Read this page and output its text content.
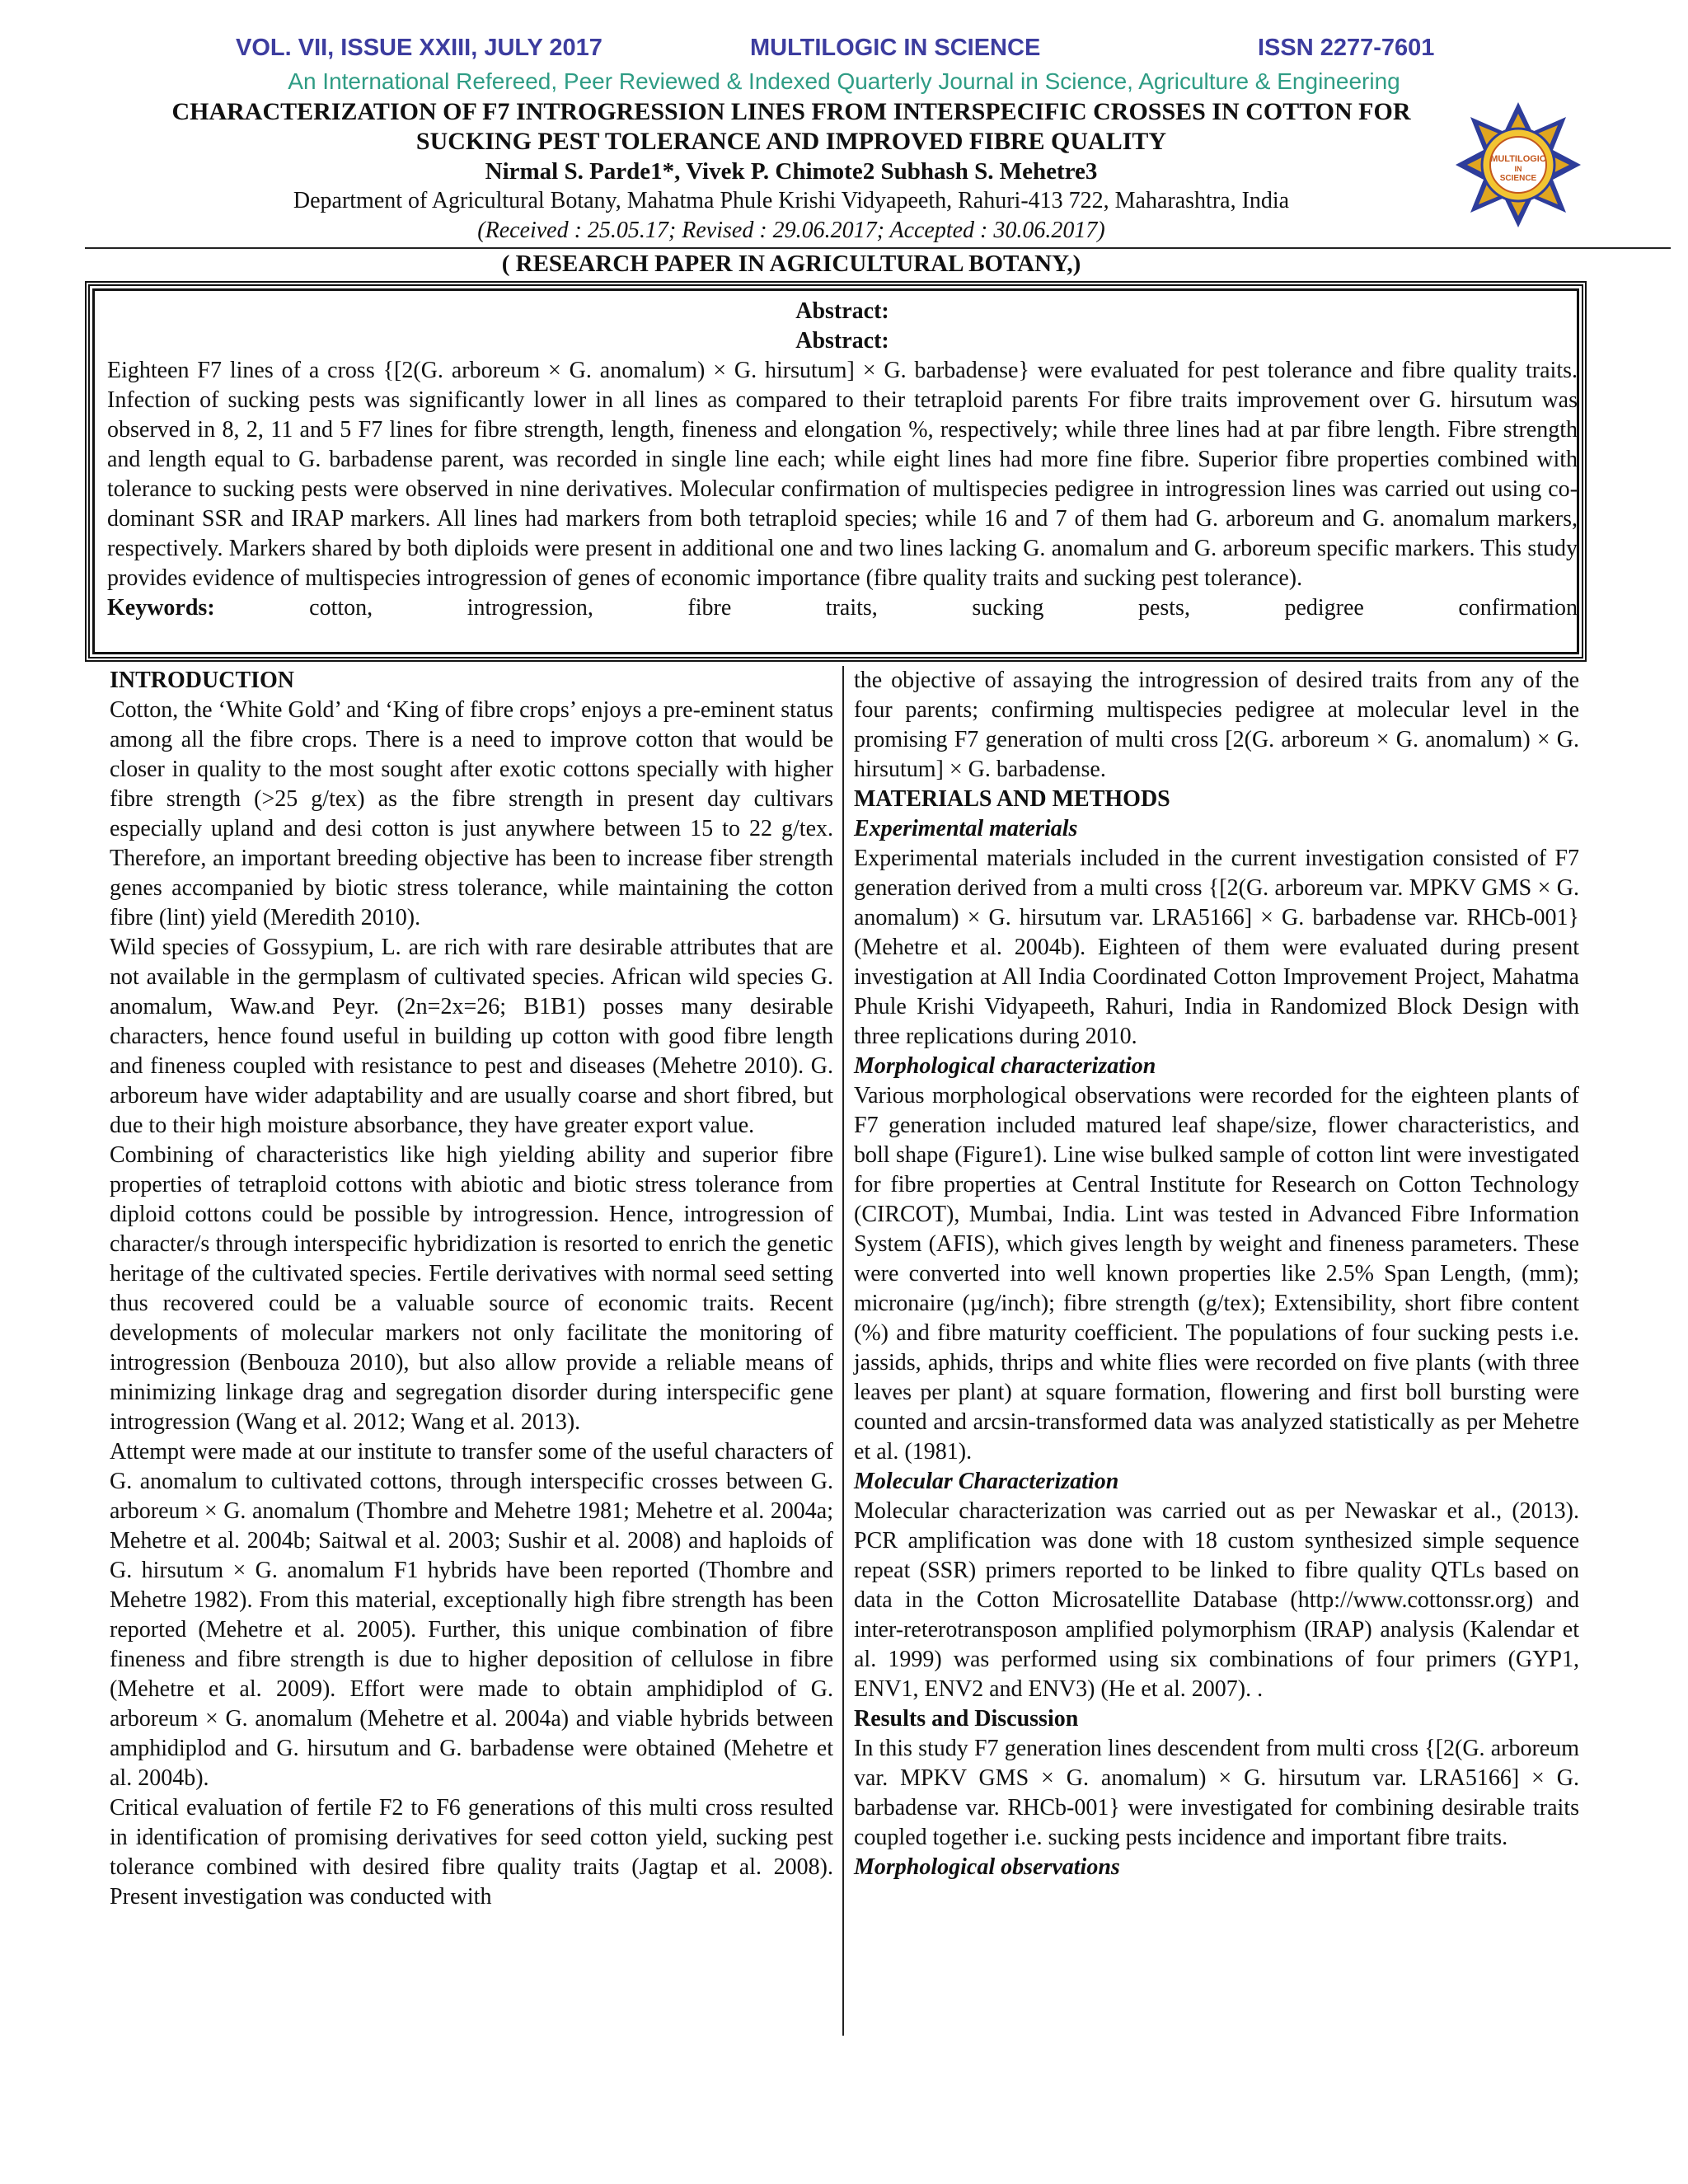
VOL. VII, ISSUE XXIII, JULY 2017	MULTILOGIC IN SCIENCE	ISSN 2277-7601
An International Refereed, Peer Reviewed & Indexed Quarterly Journal in Science, Agriculture & Engineering
CHARACTERIZATION OF F7 INTROGRESSION LINES FROM INTERSPECIFIC CROSSES IN COTTON FOR
SUCKING PEST TOLERANCE AND IMPROVED FIBRE QUALITY
Nirmal S. Parde1*, Vivek P. Chimote2 Subhash S. Mehetre3
Department of Agricultural Botany, Mahatma Phule Krishi Vidyapeeth, Rahuri-413 722, Maharashtra, India
(Received : 25.05.17; Revised : 29.06.2017; Accepted : 30.06.2017)
MULTILOGIC
IN
SCIENCE
( RESEARCH PAPER IN AGRICULTURAL BOTANY,)
Abstract:
Abstract:

Eighteen F7 lines of a cross {[2(G. arboreum × G. anomalum) × G. hirsutum] × G. barbadense} were evaluated for pest tolerance and fibre quality traits. Infection of sucking pests was significantly lower in all lines as compared to their tetraploid parents For fibre traits improvement over G. hirsutum was observed in 8, 2, 11 and 5 F7 lines for fibre strength, length, fineness and elongation %, respectively; while three lines had at par fibre length. Fibre strength and length equal to G. barbadense parent, was recorded in single line each; while eight lines had more fine fibre. Superior fibre properties combined with tolerance to sucking pests were observed in nine derivatives. Molecular confirmation of multispecies pedigree in introgression lines was carried out using co-dominant SSR and IRAP markers. All lines had markers from both tetraploid species; while 16 and 7 of them had G. arboreum and G. anomalum markers, respectively. Markers shared by both diploids were present in additional one and two lines lacking G. anomalum and G. arboreum specific markers. This study provides evidence of multispecies introgression of genes of economic importance (fibre quality traits and sucking pest tolerance).

Keywords:	cotton,	introgression,	fibre	traits,	sucking	pests,	pedigree	confirmation
INTRODUCTION

Cotton, the ‘White Gold’ and ‘King of fibre crops’ enjoys a pre-eminent status among all the fibre crops. There is a need to improve cotton that would be closer in quality to the most sought after exotic cottons specially with higher fibre strength (>25 g/tex) as the fibre strength in present day cultivars especially upland and desi cotton is just anywhere between 15 to 22 g/tex. Therefore, an important breeding objective has been to increase fiber strength genes accompanied by biotic stress tolerance, while maintaining the cotton fibre (lint) yield (Meredith 2010).

Wild species of Gossypium, L. are rich with rare desirable attributes that are not available in the germplasm of cultivated species. African wild species G. anomalum, Waw.and Peyr. (2n=2x=26; B1B1) posses many desirable characters, hence found useful in building up cotton with good fibre length and fineness coupled with resistance to pest and diseases (Mehetre 2010). G. arboreum have wider adaptability and are usually coarse and short fibred, but due to their high moisture absorbance, they have greater export value.

Combining of characteristics like high yielding ability and superior fibre properties of tetraploid cottons with abiotic and biotic stress tolerance from diploid cottons could be possible by introgression. Hence, introgression of character/s through interspecific hybridization is resorted to enrich the genetic heritage of the cultivated species. Fertile derivatives with normal seed setting thus recovered could be a valuable source of economic traits. Recent developments of molecular markers not only facilitate the monitoring of introgression (Benbouza 2010), but also allow provide a reliable means of minimizing linkage drag and segregation disorder during interspecific gene introgression (Wang et al. 2012; Wang et al. 2013).

Attempt were made at our institute to transfer some of the useful characters of G. anomalum to cultivated cottons, through interspecific crosses between G. arboreum × G. anomalum (Thombre and Mehetre 1981; Mehetre et al. 2004a; Mehetre et al. 2004b; Saitwal et al. 2003; Sushir et al. 2008) and haploids of G. hirsutum × G. anomalum F1 hybrids have been reported (Thombre and Mehetre 1982). From this material, exceptionally high fibre strength has been reported (Mehetre et al. 2005). Further, this unique combination of fibre fineness and fibre strength is due to higher deposition of cellulose in fibre (Mehetre et al. 2009). Effort were made to obtain amphidiplod of G. arboreum × G. anomalum (Mehetre et al. 2004a) and viable hybrids between amphidiplod and G. hirsutum and G. barbadense were obtained (Mehetre et al. 2004b).

Critical evaluation of fertile F2 to F6 generations of this multi cross resulted in identification of promising derivatives for seed cotton yield, sucking pest tolerance combined with desired fibre quality traits (Jagtap et al. 2008). Present investigation was conducted with

the objective of assaying the introgression of desired traits from any of the four parents; confirming multispecies pedigree at molecular level in the promising F7 generation of multi cross [2(G. arboreum × G. anomalum) × G. hirsutum] × G. barbadense.

MATERIALS AND METHODS
Experimental materials

Experimental materials included in the current investigation consisted of F7 generation derived from a multi cross {[2(G. arboreum var. MPKV GMS × G. anomalum) × G. hirsutum var. LRA5166] × G. barbadense var. RHCb-001} (Mehetre et al. 2004b). Eighteen of them were evaluated during present investigation at All India Coordinated Cotton Improvement Project, Mahatma Phule Krishi Vidyapeeth, Rahuri, India in Randomized Block Design with three replications during 2010.

Morphological characterization

Various morphological observations were recorded for the eighteen plants of F7 generation included matured leaf shape/size, flower characteristics, and boll shape (Figure1). Line wise bulked sample of cotton lint were investigated for fibre properties at Central Institute for Research on Cotton Technology (CIRCOT), Mumbai, India. Lint was tested in Advanced Fibre Information System (AFIS), which gives length by weight and fineness parameters. These were converted into well known properties like 2.5% Span Length, (mm); micronaire (µg/inch); fibre strength (g/tex); Extensibility, short fibre content (%) and fibre maturity coefficient. The populations of four sucking pests i.e. jassids, aphids, thrips and white flies were recorded on five plants (with three leaves per plant) at square formation, flowering and first boll bursting were counted and arcsin-transformed data was analyzed statistically as per Mehetre et al. (1981).

Molecular Characterization

Molecular characterization was carried out as per Newaskar et al., (2013). PCR amplification was done with 18 custom synthesized simple sequence repeat (SSR) primers reported to be linked to fibre quality QTLs based on data in the Cotton Microsatellite Database (http://www.cottonssr.org) and inter-reterotransposon amplified polymorphism (IRAP) analysis (Kalendar et al. 1999) was performed using six combinations of four primers (GYP1, ENV1, ENV2 and ENV3) (He et al. 2007). .

Results and Discussion

In this study F7 generation lines descendent from multi cross {[2(G. arboreum var. MPKV GMS × G. anomalum) × G. hirsutum var. LRA5166] × G. barbadense var. RHCb-001} were investigated for combining desirable traits coupled together i.e. sucking pests incidence and important fibre traits.

Morphological observations
